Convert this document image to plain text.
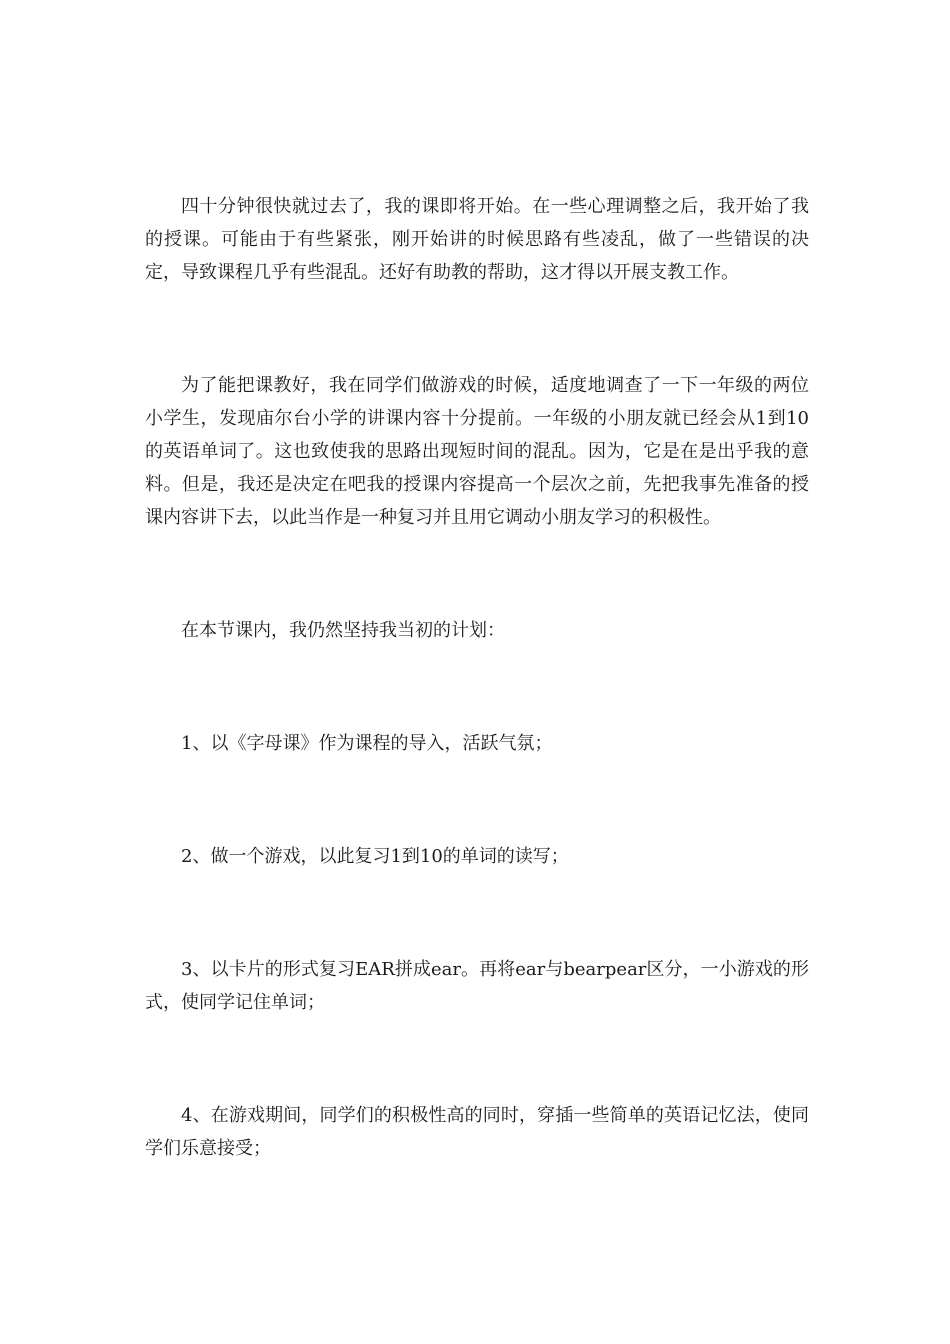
四十分钟很快就过去了，我的课即将开始。在一些心理调整之后，我开始了我的授课。可能由于有些紧张，刚开始讲的时候思路有些凌乱，做了一些错误的决定，导致课程几乎有些混乱。还好有助教的帮助，这才得以开展支教工作。

为了能把课教好，我在同学们做游戏的时候，适度地调查了一下一年级的两位小学生，发现庙尔台小学的讲课内容十分提前。一年级的小朋友就已经会从1到10的英语单词了。这也致使我的思路出现短时间的混乱。因为，它是在是出乎我的意料。但是，我还是决定在吧我的授课内容提高一个层次之前，先把我事先准备的授课内容讲下去，以此当作是一种复习并且用它调动小朋友学习的积极性。

在本节课内，我仍然坚持我当初的计划：

1、以《字母课》作为课程的导入，活跃气氛；

2、做一个游戏，以此复习1到10的单词的读写；

3、以卡片的形式复习EAR拼成ear。再将ear与bearpear区分，一小游戏的形式，使同学记住单词；

4、在游戏期间，同学们的积极性高的同时，穿插一些简单的英语记忆法，使同学们乐意接受；
